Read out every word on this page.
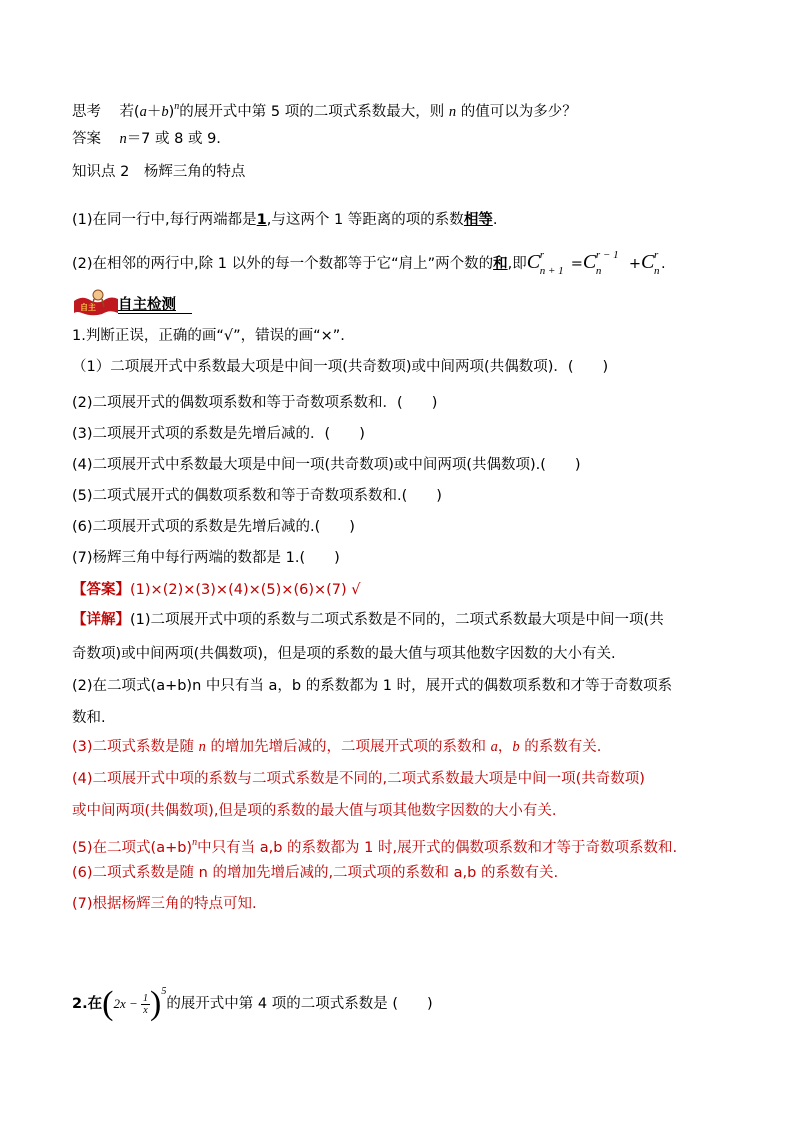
思考 若$(a+b)^n$的展开式中第 5 项的二项式系数最大，则 n 的值可以为多少？
答案 n＝7 或 8 或 9.
知识点 2　杨辉三角的特点
(1)在同一行中,每行两端都是1,与这两个 1 等距离的项的系数相等.
(2)在相邻的两行中,除 1 以外的每一个数都等于它“肩上”两个数的和,即C r
n + 1 =C r − 1
n +C r
n .
自主 自主检测
1.判断正误，正确的画“√”，错误的画“×”.
（1）二项展开式中系数最大项是中间一项(共奇数项)或中间两项(共偶数项)．(　　)
(2)二项展开式的偶数项系数和等于奇数项系数和．(　　)
(3)二项展开式项的系数是先增后减的．(　　)
(4)二项展开式中系数最大项是中间一项(共奇数项)或中间两项(共偶数项).(　　)
(5)二项式展开式的偶数项系数和等于奇数项系数和.(　　)
(6)二项展开式项的系数是先增后减的.(　　)
(7)杨辉三角中每行两端的数都是 1.(　　)
【答案】(1)×(2)×(3)×(4)×(5)×(6)×(7) √
【详解】(1)二项展开式中项的系数与二项式系数是不同的，二项式系数最大项是中间一项(共
奇数项)或中间两项(共偶数项)，但是项的系数的最大值与项其他数字因数的大小有关.
(2)在二项式(a+b)n 中只有当 a，b 的系数都为 1 时，展开式的偶数项系数和才等于奇数项系
数和.
(3)二项式系数是随 n 的增加先增后减的，二项展开式项的系数和 a，b 的系数有关.
(4)二项展开式中项的系数与二项式系数是不同的,二项式系数最大项是中间一项(共奇数项)
或中间两项(共偶数项),但是项的系数的最大值与项其他数字因数的大小有关.
(5)在二项式$(a+b)^n$中只有当 a,b 的系数都为 1 时,展开式的偶数项系数和才等于奇数项系数和.
(6)二项式系数是随 n 的增加先增后减的,二项式项的系数和 a,b 的系数有关.
(7)根据杨辉三角的特点可知.
2.在$(2x - \frac{1}{x})^5$的展开式中第 4 项的二项式系数是 (　　)
